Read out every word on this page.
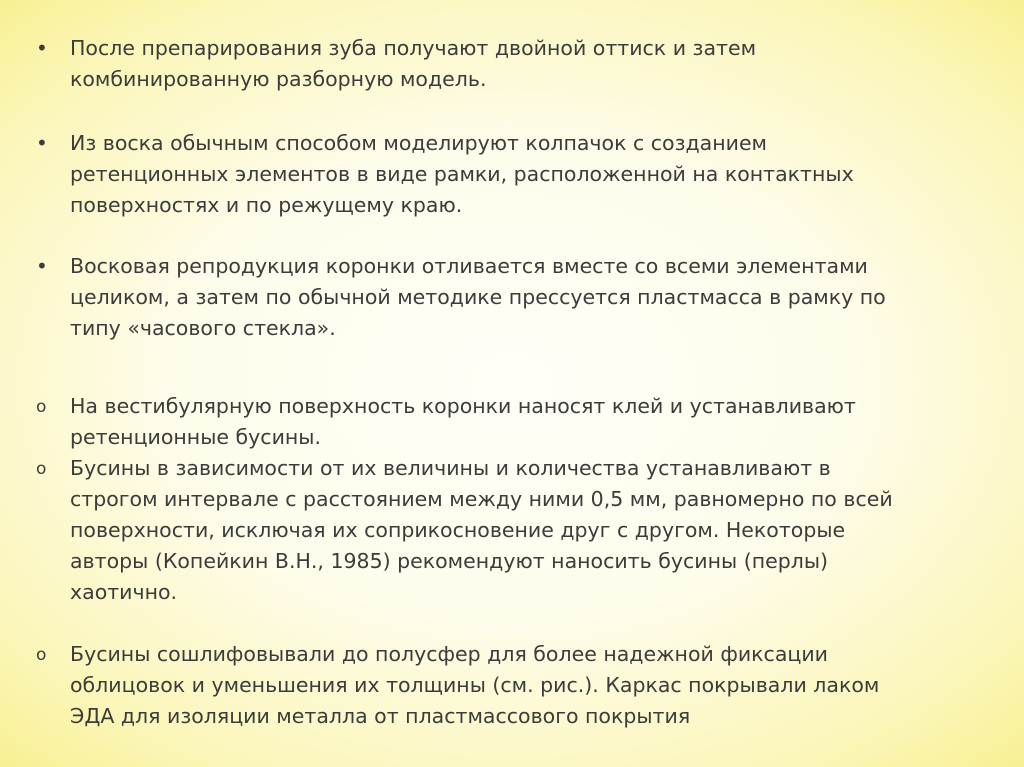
•	После препарирования зуба получают двойной оттиск и затем
комбинированную разборную модель.
•	Из воска обычным способом моделируют колпачок с созданием
ретенционных элементов в виде рамки, расположенной на контактных
поверхностях и по режущему краю.
•	Восковая репродукция коронки отливается вместе со всеми элементами
целиком, а затем по обычной методике прессуется пластмасса в рамку по
типу «часового стекла».
o	На вестибулярную поверхность коронки наносят клей и устанавливают
ретенционные бусины.
o	Бусины в зависимости от их величины и количества устанавливают в
строгом интервале с расстоянием между ними 0,5 мм, равномерно по всей
поверхности, исключая их соприкосновение друг с другом. Некоторые
авторы (Копейкин В.Н., 1985) рекомендуют наносить бусины (перлы)
хаотично.
o	Бусины сошлифовывали до полусфер для более надежной фиксации
облицовок и уменьшения их толщины (см. рис.). Каркас покрывали лаком
ЭДА для изоляции металла от пластмассового покрытия
